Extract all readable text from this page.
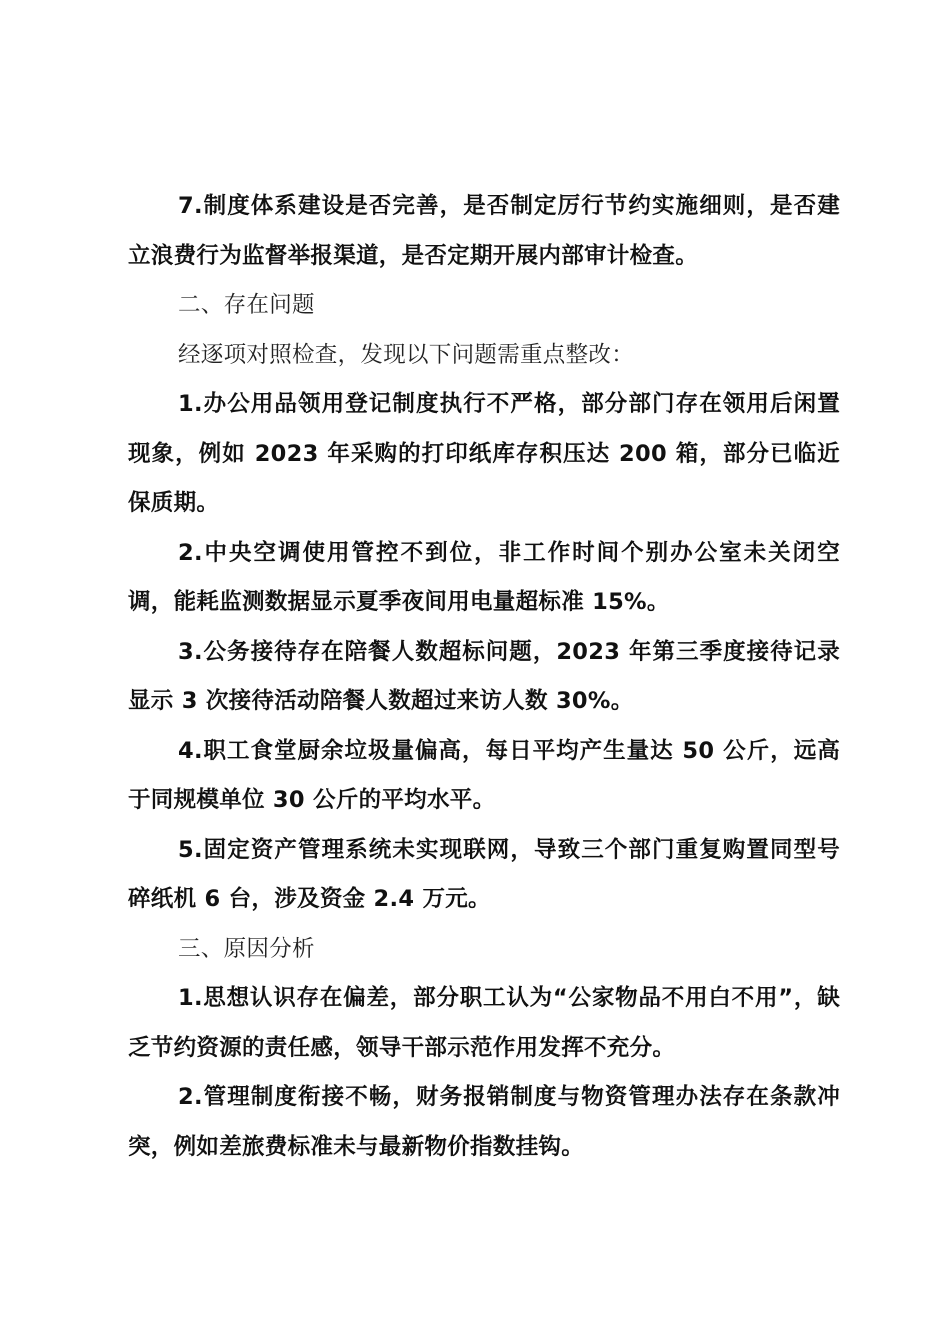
7.制度体系建设是否完善，是否制定厉行节约实施细则，是否建立浪费行为监督举报渠道，是否定期开展内部审计检查。

二、存在问题

经逐项对照检查，发现以下问题需重点整改：

1.办公用品领用登记制度执行不严格，部分部门存在领用后闲置现象，例如 2023 年采购的打印纸库存积压达 200 箱，部分已临近保质期。

2.中央空调使用管控不到位，非工作时间个别办公室未关闭空调，能耗监测数据显示夏季夜间用电量超标准 15%。

3.公务接待存在陪餐人数超标问题，2023 年第三季度接待记录显示 3 次接待活动陪餐人数超过来访人数 30%。

4.职工食堂厨余垃圾量偏高，每日平均产生量达 50 公斤，远高于同规模单位 30 公斤的平均水平。

5.固定资产管理系统未实现联网，导致三个部门重复购置同型号碎纸机 6 台，涉及资金 2.4 万元。

三、原因分析

1.思想认识存在偏差，部分职工认为“公家物品不用白不用”，缺乏节约资源的责任感，领导干部示范作用发挥不充分。

2.管理制度衔接不畅，财务报销制度与物资管理办法存在条款冲突，例如差旅费标准未与最新物价指数挂钩。
